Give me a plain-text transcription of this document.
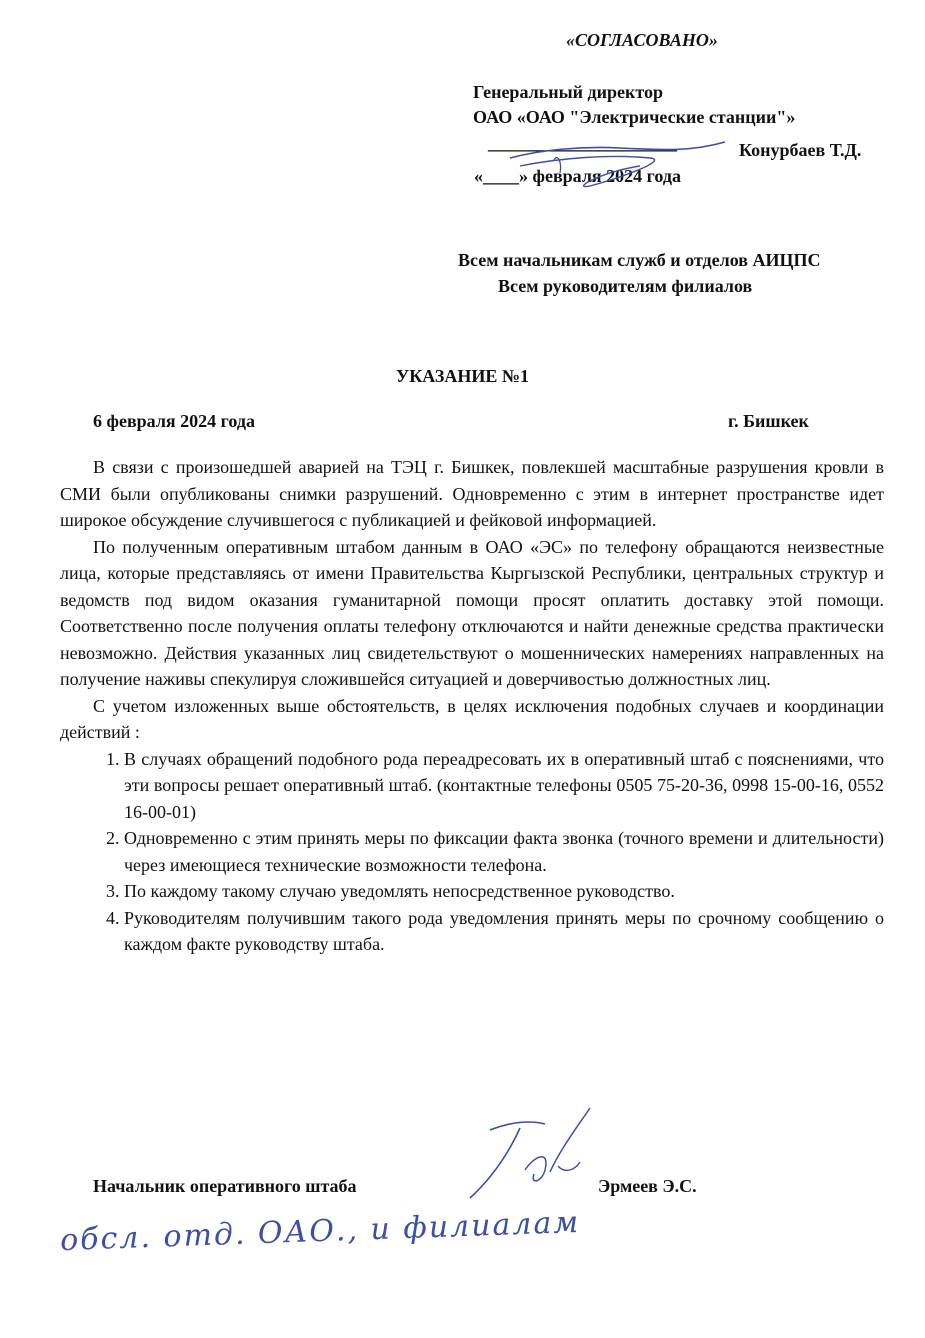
«СОГЛАСОВАНО»
Генеральный директор
ОАО «ОАО "Электрические станции"»
_____________________	Конурбаев Т.Д.
«____» февраля 2024 года
Всем начальникам служб и отделов АИЦПС
Всем руководителям филиалов
УКАЗАНИЕ №1
6 февраля 2024 года	г. Бишкек

В связи с произошедшей аварией на ТЭЦ г. Бишкек, повлекшей масштабные разрушения кровли в СМИ были опубликованы снимки разрушений. Одновременно с этим в интернет пространстве идет широкое обсуждение случившегося с публикацией и фейковой информацией.

По полученным оперативным штабом данным в ОАО «ЭС» по телефону обращаются неизвестные лица, которые представляясь от имени Правительства Кыргызской Республики, центральных структур и ведомств под видом оказания гуманитарной помощи просят оплатить доставку этой помощи. Соответственно после получения оплаты телефону отключаются и найти денежные средства практически невозможно. Действия указанных лиц свидетельствуют о мошеннических намерениях направленных на получение наживы спекулируя сложившейся ситуацией и доверчивостью должностных лиц.

С учетом изложенных выше обстоятельств, в целях исключения подобных случаев и координации действий :

1. В случаях обращений подобного рода переадресовать их в оперативный штаб с пояснениями, что эти вопросы решает оперативный штаб. (контактные телефоны 0505 75-20-36, 0998 15-00-16, 0552 16-00-01)
2. Одновременно с этим принять меры по фиксации факта звонка (точного времени и длительности) через имеющиеся технические возможности телефона.
3. По каждому такому случаю уведомлять непосредственное руководство.
4. Руководителям получившим такого рода уведомления принять меры по срочному сообщению о каждом факте руководству штаба.
Начальник оперативного штаба	Эрмеев Э.С.
обсл. отд. ОАО., и филиалам
